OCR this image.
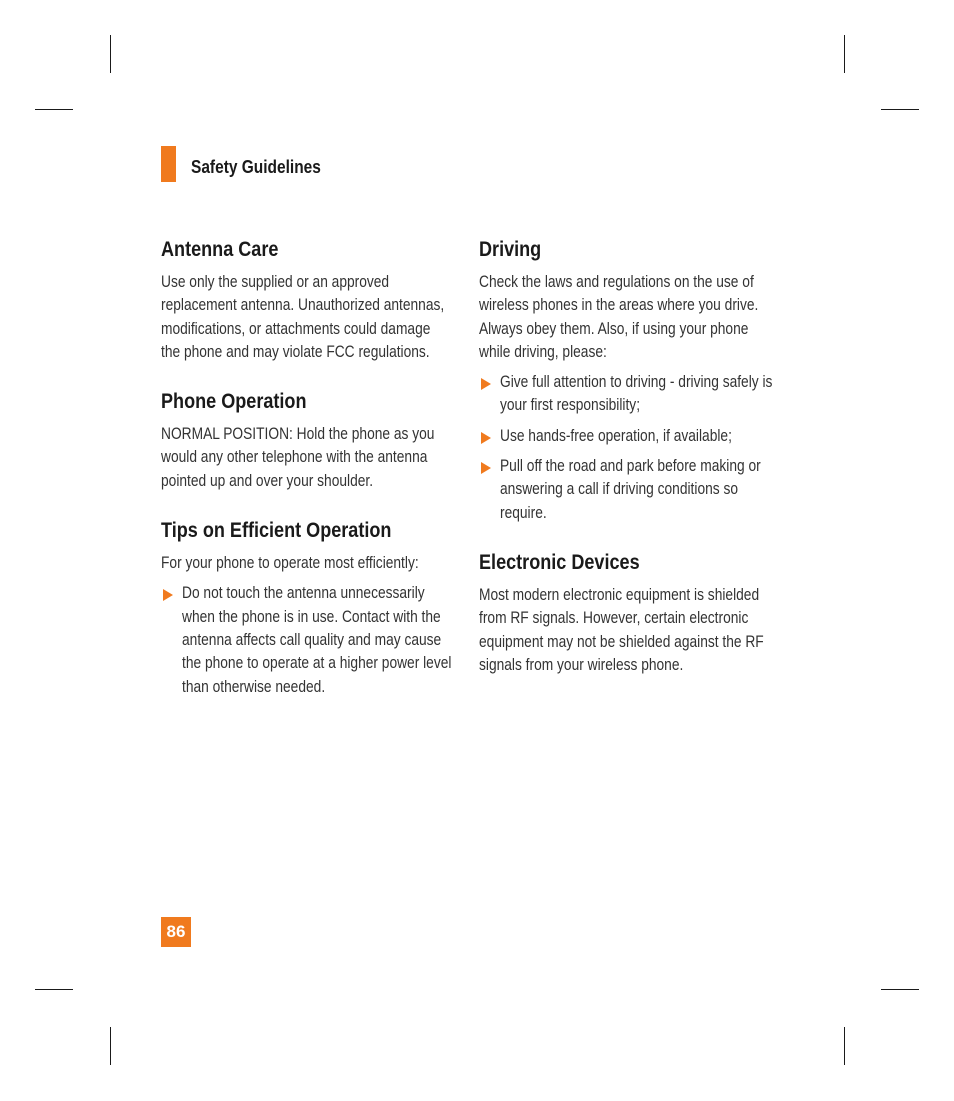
Safety Guidelines
Antenna Care

Use only the supplied or an approved replacement antenna. Unauthorized antennas, modifications, or attachments could damage the phone and may violate FCC regulations.

Phone Operation

NORMAL POSITION: Hold the phone as you would any other telephone with the antenna pointed up and over your shoulder.

Tips on Efficient Operation

For your phone to operate most efficiently:

Do not touch the antenna unnecessarily when the phone is in use. Contact with the antenna affects call quality and may cause the phone to operate at a higher power level than otherwise needed.

Driving

Check the laws and regulations on the use of wireless phones in the areas where you drive. Always obey them. Also, if using your phone while driving, please:

Give full attention to driving - driving safely is your first responsibility;

Use hands-free operation, if available;

Pull off the road and park before making or answering a call if driving conditions so require.

Electronic Devices

Most modern electronic equipment is shielded from RF signals. However, certain electronic equipment may not be shielded against the RF signals from your wireless phone.

86
